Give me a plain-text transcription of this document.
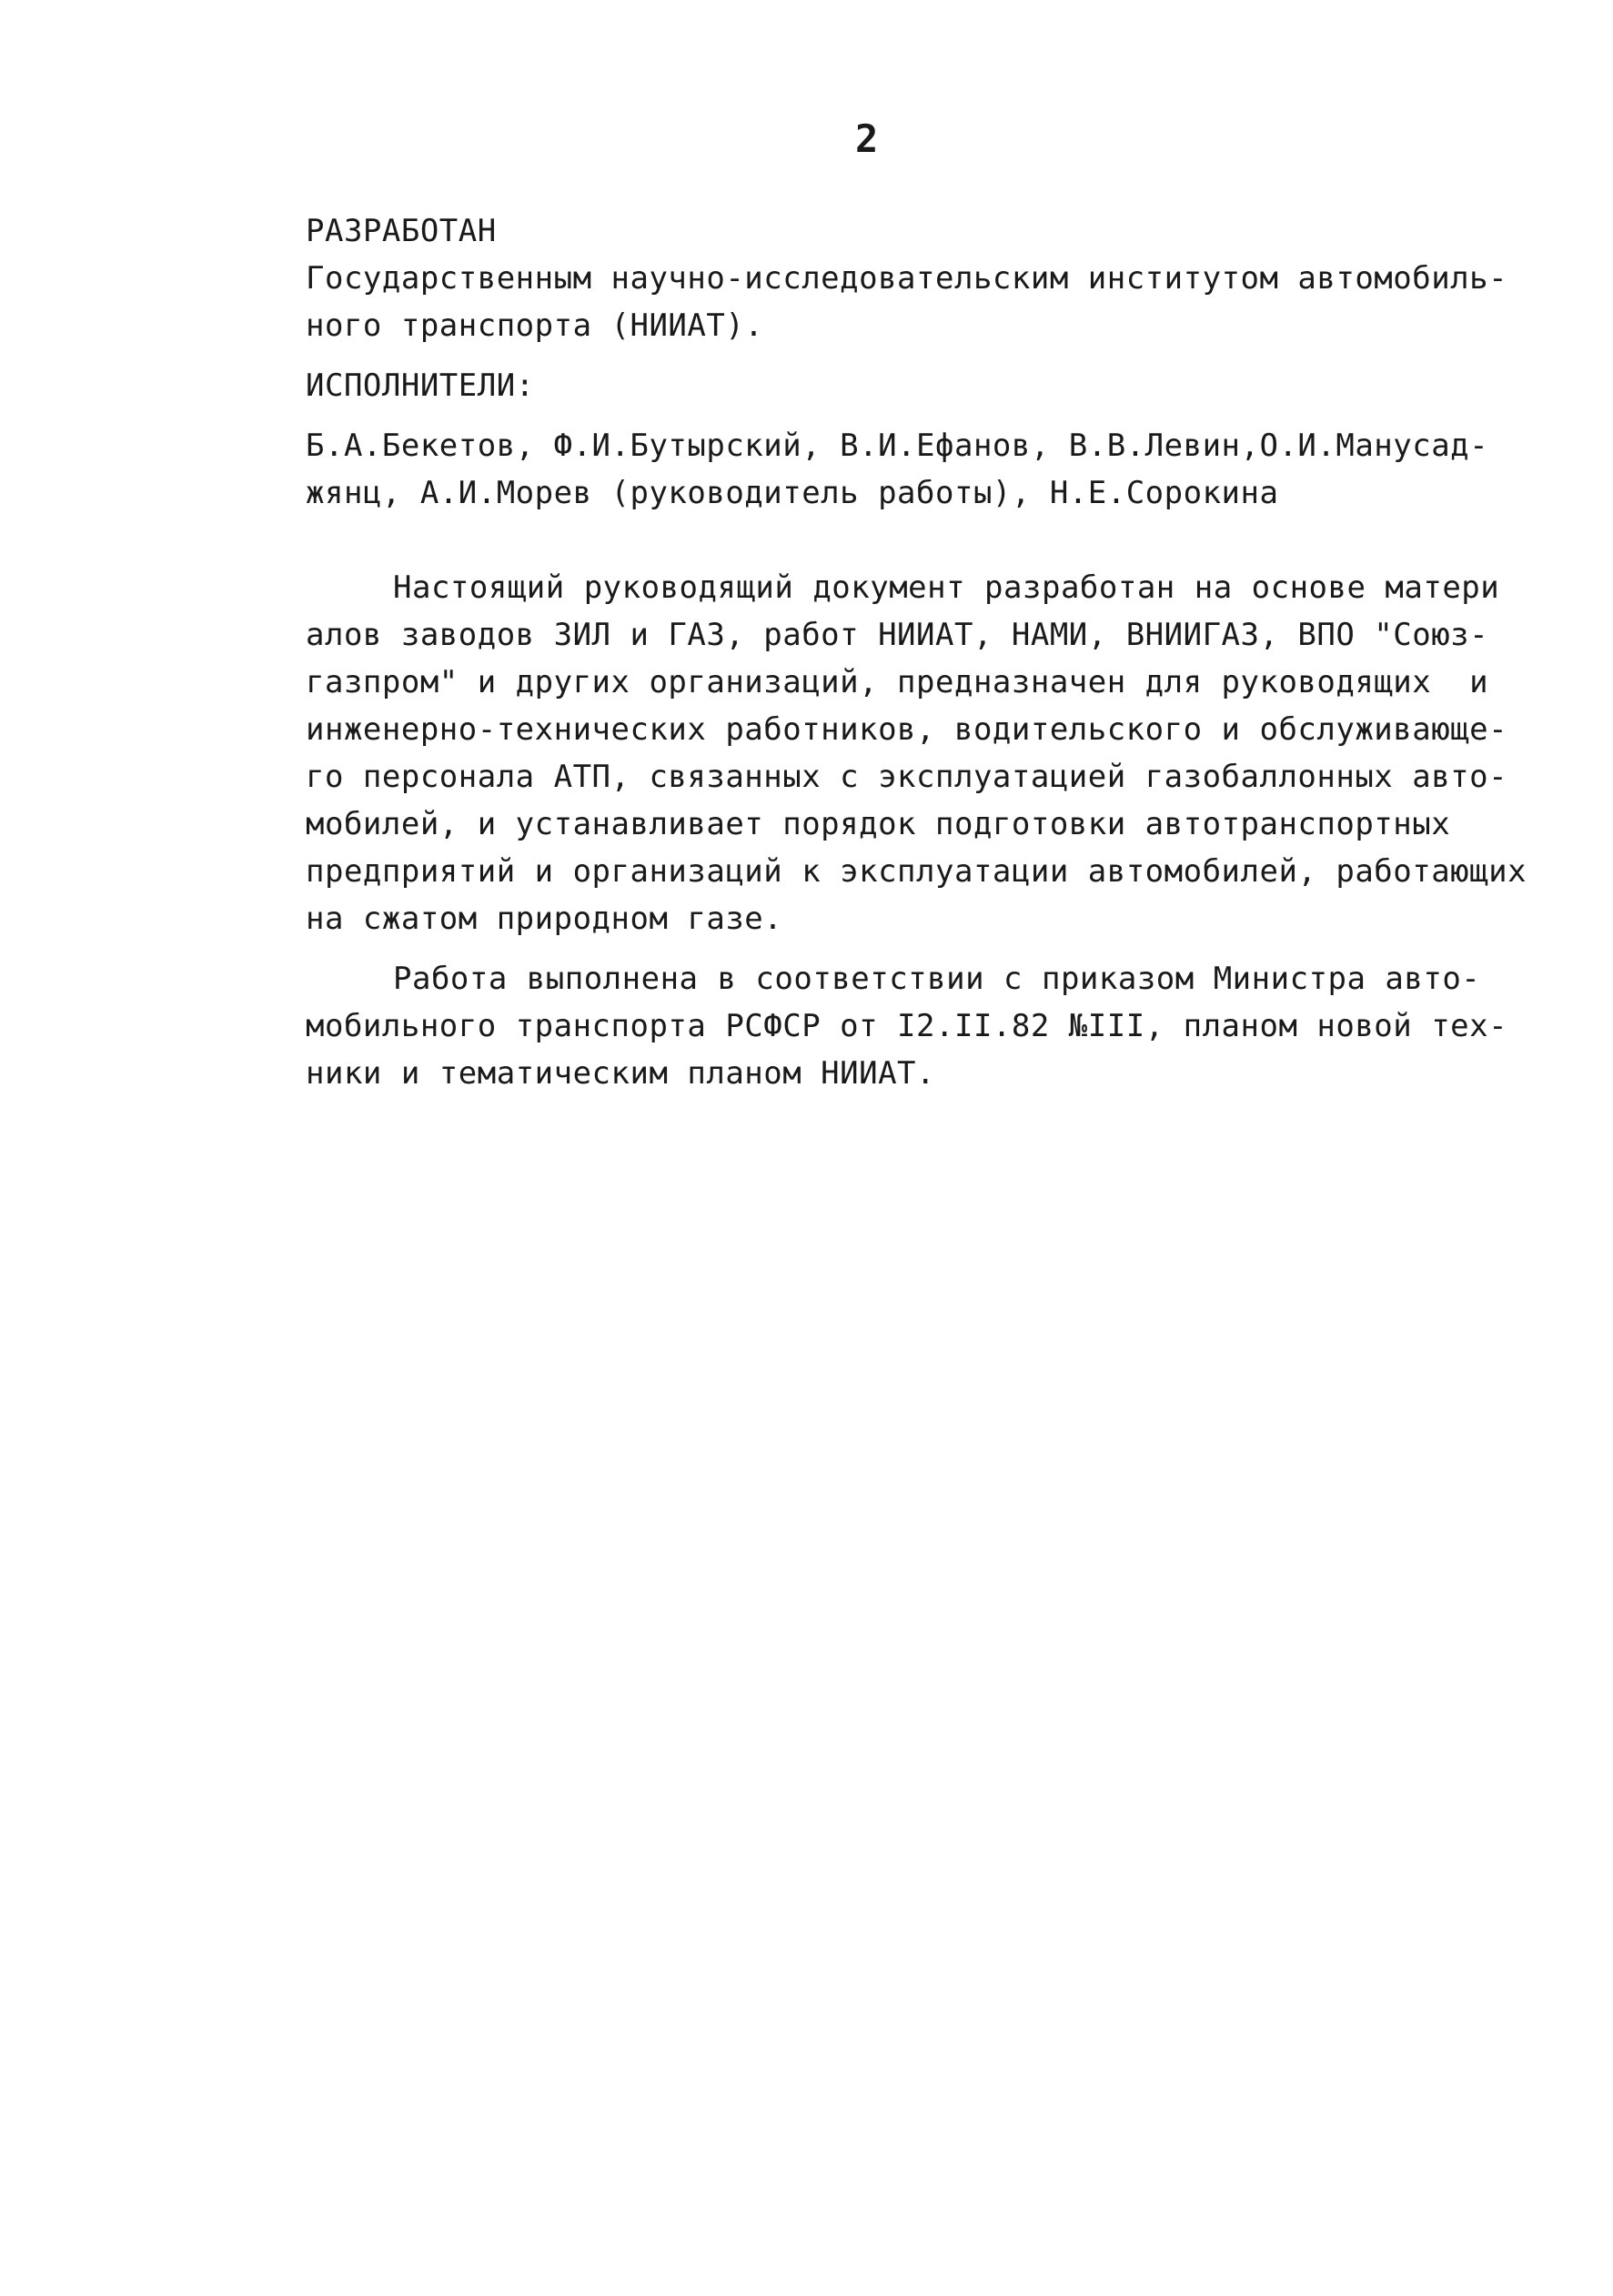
2
РАЗРАБОТАН
Государственным научно-исследовательским институтом автомобиль-
ного транспорта (НИИАТ).
ИСПОЛНИТЕЛИ:
Б.А.Бекетов, Ф.И.Бутырский, В.И.Ефанов, В.В.Левин,О.И.Манусад-
жянц, А.И.Морев (руководитель работы), Н.Е.Сорокина
Настоящий руководящий документ разработан на основе матери
алов заводов ЗИЛ и ГАЗ, работ НИИАТ, НАМИ, ВНИИГАЗ, ВПО "Союз-
газпром" и других организаций, предназначен для руководящих  и
инженерно-технических работников, водительского и обслуживающе-
го персонала АТП, связанных с эксплуатацией газобаллонных авто-
мобилей, и устанавливает порядок подготовки автотранспортных
предприятий и организаций к эксплуатации автомобилей, работающих
на сжатом природном газе.
Работа выполнена в соответствии с приказом Министра авто-
мобильного транспорта РСФСР от I2.II.82 №III, планом новой тех-
ники и тематическим планом НИИАТ.
